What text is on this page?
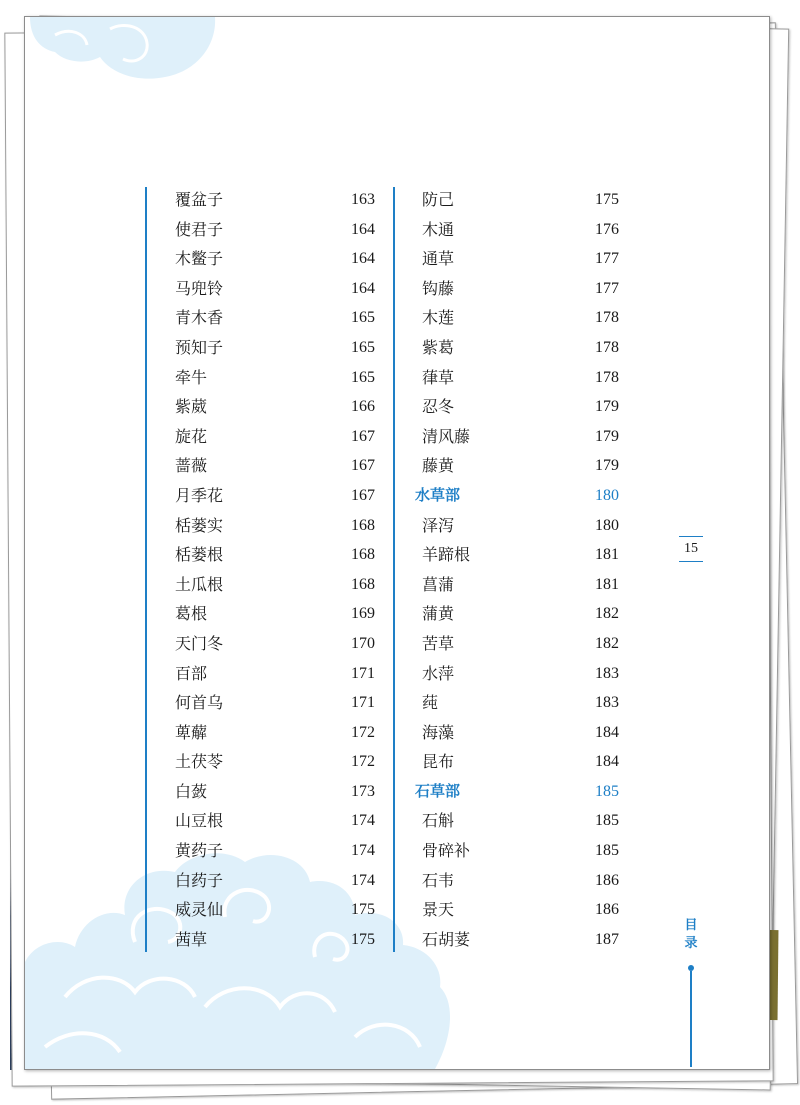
覆盆子	163
使君子	164
木鳖子	164
马兜铃	164
青木香	165
预知子	165
牵牛	165
紫葳	166
旋花	167
蔷薇	167
月季花	167
栝蒌实	168
栝蒌根	168
土瓜根	168
葛根	169
天门冬	170
百部	171
何首乌	171
萆薢	172
土茯苓	172
白蔹	173
山豆根	174
黄药子	174
白药子	174
威灵仙	175
茜草	175
防己	175
木通	176
通草	177
钩藤	177
木莲	178
紫葛	178
葎草	178
忍冬	179
清风藤	179
藤黄	179
水草部	180
泽泻	180
羊蹄根	181
菖蒲	181
蒲黄	182
苦草	182
水萍	183
莼	183
海藻	184
昆布	184
石草部	185
石斛	185
骨碎补	185
石韦	186
景天	186
石胡荽	187
15
目
录
